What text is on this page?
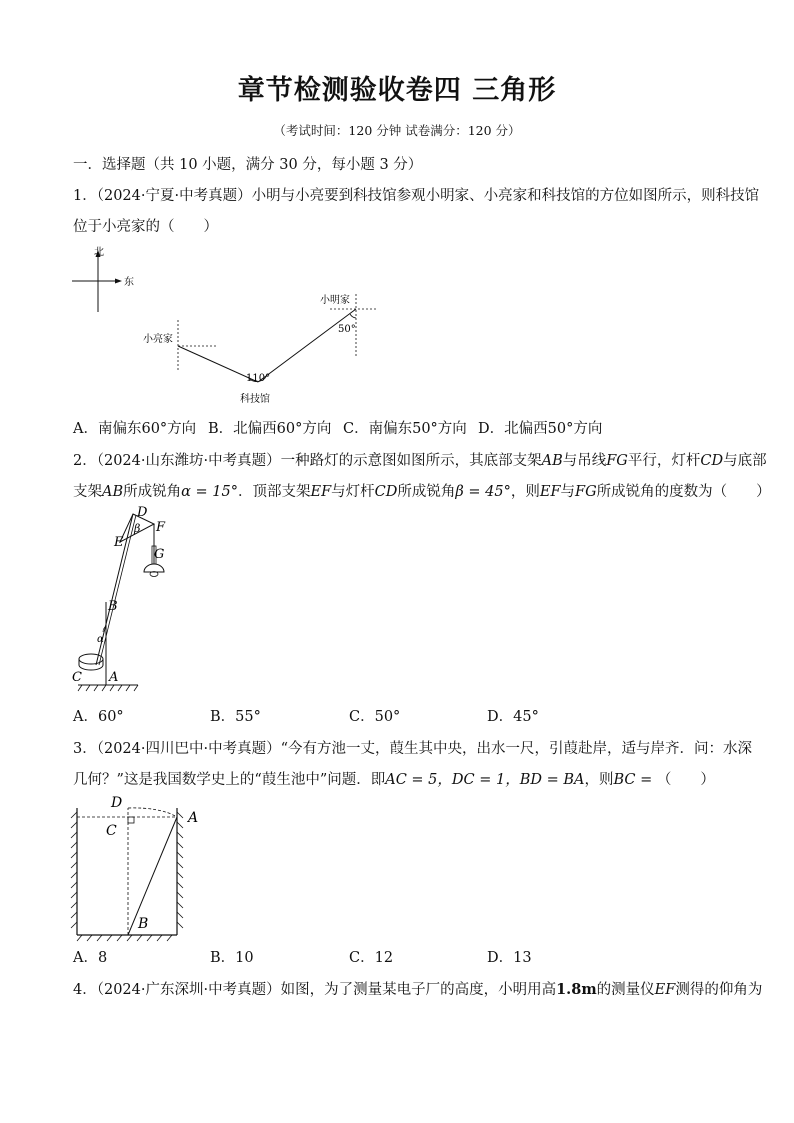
章节检测验收卷四 三角形
（考试时间：120 分钟 试卷满分：120 分）
一．选择题（共 10 小题，满分 30 分，每小题 3 分）
1．（2024·宁夏·中考真题）小明与小亮要到科技馆参观小明家、小亮家和科技馆的方位如图所示，则科技馆
位于小亮家的（　　）
北
东
小明家
小亮家
110°
50°
科技馆
A．南偏东60°方向 B．北偏西60°方向 C．南偏东50°方向 D．北偏西50°方向
2．（2024·山东潍坊·中考真题）一种路灯的示意图如图所示，其底部支架AB与吊线FG平行，灯杆CD与底部
支架AB所成锐角α = 15°．顶部支架EF与灯杆CD所成锐角β = 45°，则EF与FG所成锐角的度数为（　　）
D
F
E
G
B
C A
α
β
A．60°	B．55°	C．50°	D．45°
3．（2024·四川巴中·中考真题）“今有方池一丈，葭生其中央，出水一尺，引葭赴岸，适与岸齐．问：水深
几何？”这是我国数学史上的“葭生池中”问题．即AC = 5，DC = 1，BD = BA，则BC = （　　）
D
C
A
B
A．8	B．10	C．12	D．13
4．（2024·广东深圳·中考真题）如图，为了测量某电子厂的高度，小明用高1.8m的测量仪EF测得的仰角为
